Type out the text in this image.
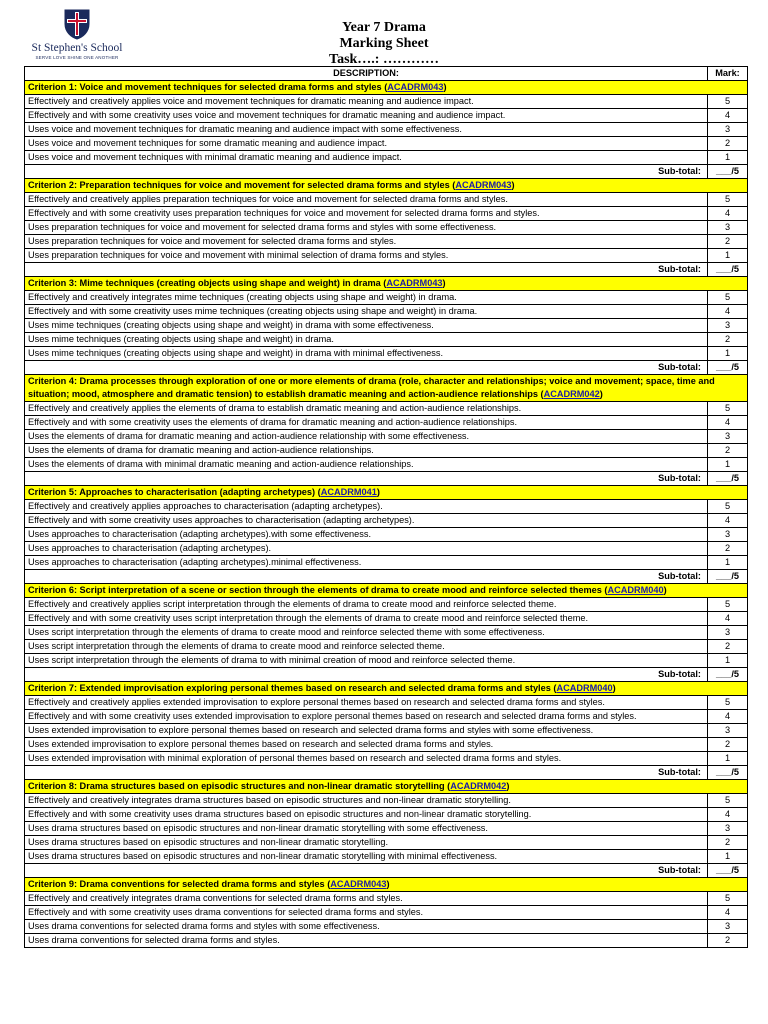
St Stephen's School
SERVE LOVE SHINE ONE ANOTHER
Year 7 Drama
Marking Sheet
Task….: …………
DESCRIPTION:	Mark:
Criterion 1: Voice and movement techniques for selected drama forms and styles (ACADRM043)	
Effectively and creatively applies voice and movement techniques for dramatic meaning and audience impact.	5
Effectively and with some creativity uses voice and movement techniques for dramatic meaning and audience impact.	4
Uses voice and movement techniques for dramatic meaning and audience impact with some effectiveness.	3
Uses voice and movement techniques for some dramatic meaning and audience impact.	2
Uses voice and movement techniques with minimal dramatic meaning and audience impact.	1
Sub-total:	___/5
Criterion 2: Preparation techniques for voice and movement for selected drama forms and styles (ACADRM043)	
Effectively and creatively applies preparation techniques for voice and movement for selected drama forms and styles.	5
Effectively and with some creativity uses preparation techniques for voice and movement for selected drama forms and styles.	4
Uses preparation techniques for voice and movement for selected drama forms and styles with some effectiveness.	3
Uses preparation techniques for voice and movement for selected drama forms and styles.	2
Uses preparation techniques for voice and movement with minimal selection of drama forms and styles.	1
Sub-total:	___/5
Criterion 3: Mime techniques (creating objects using shape and weight) in drama (ACADRM043)	
Effectively and creatively integrates mime techniques (creating objects using shape and weight) in drama.	5
Effectively and with some creativity uses mime techniques (creating objects using shape and weight) in drama.	4
Uses mime techniques (creating objects using shape and weight) in drama with some effectiveness.	3
Uses mime techniques (creating objects using shape and weight) in drama.	2
Uses mime techniques (creating objects using shape and weight) in drama with minimal effectiveness.	1
Sub-total:	___/5
Criterion 4: Drama processes through exploration of one or more elements of drama (role, character and relationships; voice and movement; space, time and situation; mood, atmosphere and dramatic tension) to establish dramatic meaning and action-audience relationships (ACADRM042)	
Effectively and creatively applies the elements of drama to establish dramatic meaning and action-audience relationships.	5
Effectively and with some creativity uses the elements of drama for dramatic meaning and action-audience relationships.	4
Uses the elements of drama for dramatic meaning and action-audience relationship with some effectiveness.	3
Uses the elements of drama for dramatic meaning and action-audience relationships.	2
Uses the elements of drama with minimal dramatic meaning and action-audience relationships.	1
Sub-total:	___/5
Criterion 5: Approaches to characterisation (adapting archetypes) (ACADRM041)	
Effectively and creatively applies approaches to characterisation (adapting archetypes).	5
Effectively and with some creativity uses approaches to characterisation (adapting archetypes).	4
Uses approaches to characterisation (adapting archetypes).with some effectiveness.	3
Uses approaches to characterisation (adapting archetypes).	2
Uses approaches to characterisation (adapting archetypes).minimal effectiveness.	1
Sub-total:	___/5
Criterion 6: Script interpretation of a scene or section through the elements of drama to create mood and reinforce selected themes (ACADRM040)	
Effectively and creatively applies script interpretation through the elements of drama to create mood and reinforce selected theme.	5
Effectively and with some creativity uses script interpretation through the elements of drama to create mood and reinforce selected theme.	4
Uses script interpretation through the elements of drama to create mood and reinforce selected theme with some effectiveness.	3
Uses script interpretation through the elements of drama to create mood and reinforce selected theme.	2
Uses script interpretation through the elements of drama to with minimal creation of mood and reinforce selected theme.	1
Sub-total:	___/5
Criterion 7: Extended improvisation exploring personal themes based on research and selected drama forms and styles (ACADRM040)	
Effectively and creatively applies extended improvisation to explore personal themes based on research and selected drama forms and styles.	5
Effectively and with some creativity uses extended improvisation to explore personal themes based on research and selected drama forms and styles.	4
Uses extended improvisation to explore personal themes based on research and selected drama forms and styles with some effectiveness.	3
Uses extended improvisation to explore personal themes based on research and selected drama forms and styles.	2
Uses extended improvisation with minimal exploration of personal themes based on research and selected drama forms and styles.	1
Sub-total:	___/5
Criterion 8: Drama structures based on episodic structures and non-linear dramatic storytelling (ACADRM042)	
Effectively and creatively integrates drama structures based on episodic structures and non-linear dramatic storytelling.	5
Effectively and with some creativity uses drama structures based on episodic structures and non-linear dramatic storytelling.	4
Uses drama structures based on episodic structures and non-linear dramatic storytelling with some effectiveness.	3
Uses drama structures based on episodic structures and non-linear dramatic storytelling.	2
Uses drama structures based on episodic structures and non-linear dramatic storytelling with minimal effectiveness.	1
Sub-total:	___/5
Criterion 9: Drama conventions for selected drama forms and styles (ACADRM043)	
Effectively and creatively integrates drama conventions for selected drama forms and styles.	5
Effectively and with some creativity uses drama conventions for selected drama forms and styles.	4
Uses drama conventions for selected drama forms and styles with some effectiveness.	3
Uses drama conventions for selected drama forms and styles.	2
